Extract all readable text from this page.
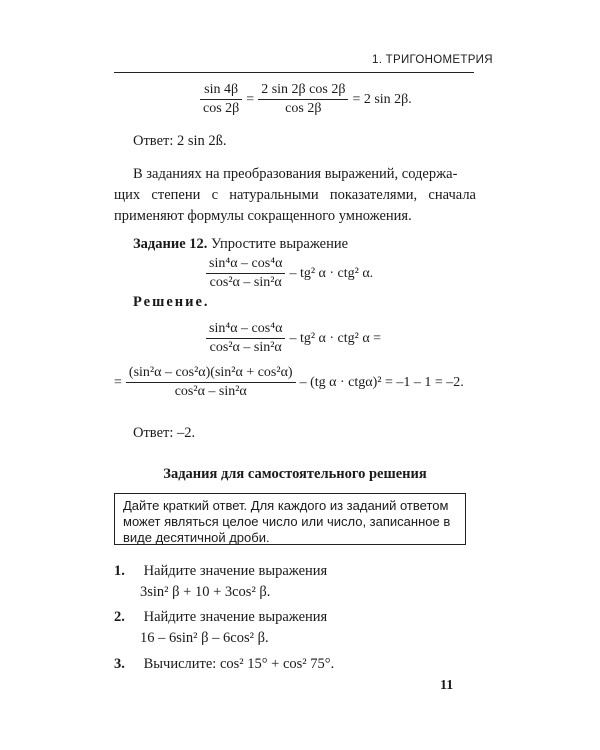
1. ТРИГОНОМЕТРИЯ
$\frac{\sin 4\beta}{\cos 2\beta} = \frac{\text{2 sin 2β cos 2β}}{\cos 2\beta} = 2$ sin 2β.
Ответ: 2 sin 2ß.
В заданиях на преобразования выражений, содержа-
щих степени с натуральными показателями, сначала
применяют формулы сокращенного умножения.
Задание 12. Упростите выражение
$\frac{\text{sin⁴α – cos⁴α}}{\text{cos²α – sin²α}} - tg^2$ α · ctg² α.
Решение.
$\frac{\text{sin⁴α – cos⁴α}}{\text{cos²α – sin²α}} - tg^2$ α · ctg² α =
= $\frac{\text{(sin²α – cos²α)(sin²α + cos²α)}}{\text{cos²α – sin²α}} - (tg$ α · ctgα)² = –1 – 1 = –2.
Ответ: –2.
Задания для самостоятельного решения
Дайте краткий ответ. Для каждого из заданий ответом
может являться целое число или число, записанное в
виде десятичной дроби.
1. Найдите значение выражения
3sin² β + 10 + 3cos² β.
2. Найдите значение выражения
16 – 6sin² β – 6cos² β.
3. Вычислите: cos² 15° + cos² 75°.
11
